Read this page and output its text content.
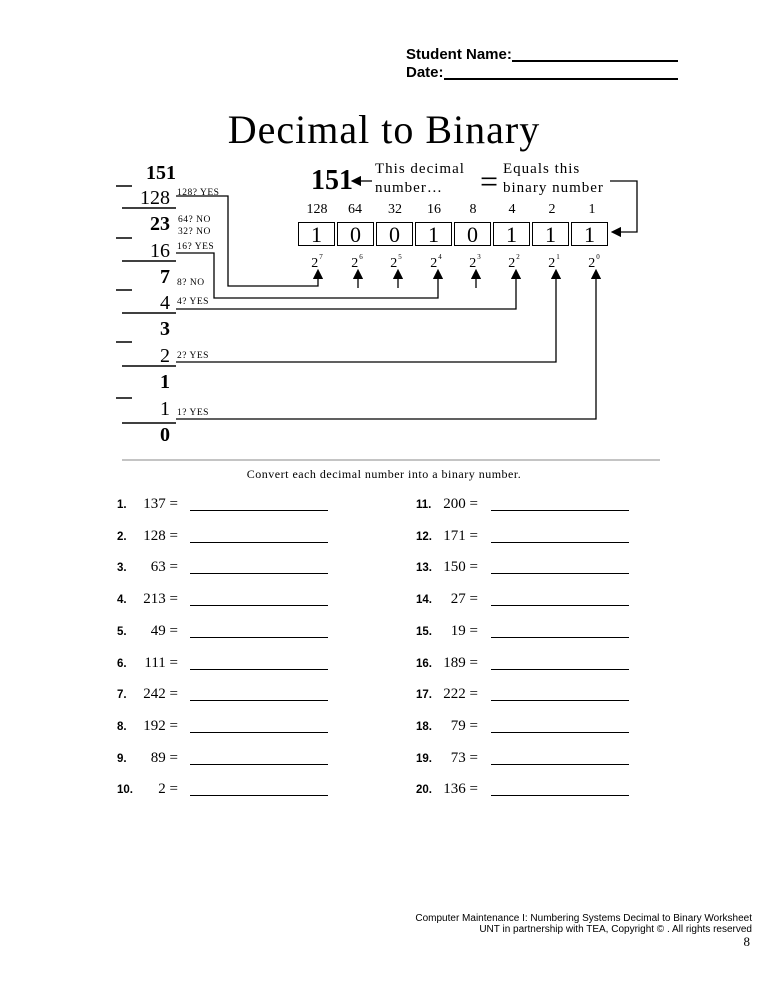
Student Name:
Date:
Decimal to Binary
151
128 128? YES
23 64? NO
32? NO
16 16? YES
7 8? NO
4 4? YES
3
2 2? YES
1
1 1? YES
0
151 This decimal
number… = Equals this
binary number
128	64	32	16	8	4	2	1
1	0	0	1	0	1	1	1
$2^7$	$2^6$	$2^5$	$2^4$	$2^3$	$2^2$	$2^1$	$2^0$
Convert each decimal number into a binary number.
1. 137 =
2. 128 =
3. 63 =
4. 213 =
5. 49 =
6. 111 =
7. 242 =
8. 192 =
9. 89 =
10. 2 =
11. 200 =
12. 171 =
13. 150 =
14. 27 =
15. 19 =
16. 189 =
17. 222 =
18. 79 =
19. 73 =
20. 136 =
Computer Maintenance I: Numbering Systems Decimal to Binary Worksheet
UNT in partnership with TEA, Copyright © . All rights reserved
8
